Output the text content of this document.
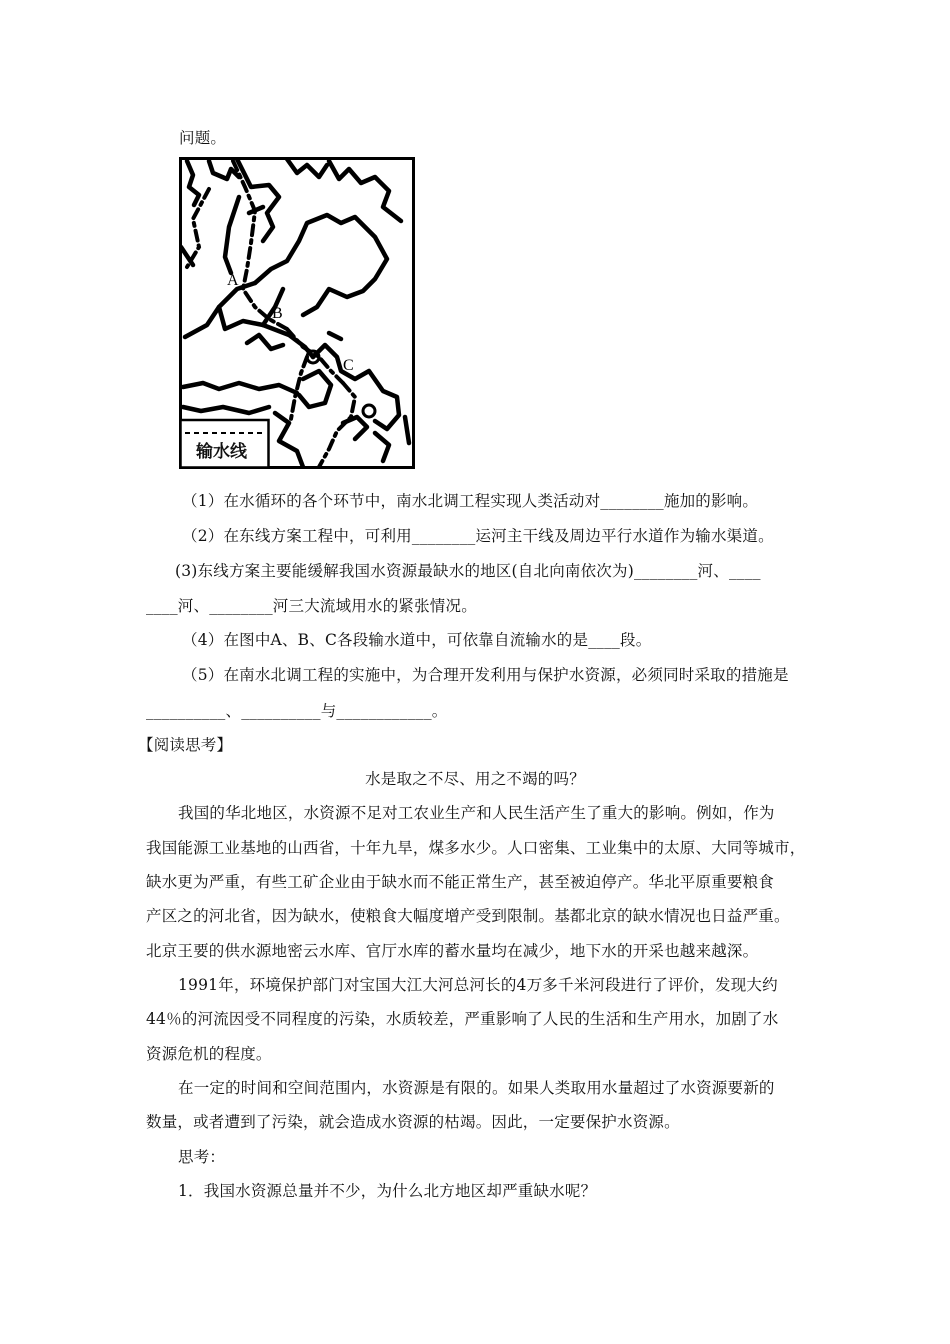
问题。
A
B
C
输水线
（1）在水循环的各个环节中，南水北调工程实现人类活动对________施加的影响。
（2）在东线方案工程中，可利用________运河主干线及周边平行水道作为输水渠道。
(3)东线方案主要能缓解我国水资源最缺水的地区(自北向南依次为)________河、____
____河、________河三大流域用水的紧张情况。
（4）在图中A、B、C各段输水道中，可依靠自流输水的是____段。
（5）在南水北调工程的实施中，为合理开发利用与保护水资源，必须同时采取的措施是
__________、__________与____________。
【阅读思考】
水是取之不尽、用之不竭的吗？
我国的华北地区，水资源不足对工农业生产和人民生活产生了重大的影响。例如，作为
我国能源工业基地的山西省，十年九旱，煤多水少。人口密集、工业集中的太原、大同等城市，
缺水更为严重，有些工矿企业由于缺水而不能正常生产，甚至被迫停产。华北平原重要粮食
产区之的河北省，因为缺水，使粮食大幅度增产受到限制。基都北京的缺水情况也日益严重。
北京王要的供水源地密云水库、官厅水库的蓄水量均在减少，地下水的开采也越来越深。
1991年，环境保护部门对宝国大江大河总河长的4万多千米河段进行了评价，发现大约
44％的河流因受不同程度的污染，水质较差，严重影响了人民的生活和生产用水，加剧了水
资源危机的程度。
在一定的时间和空间范围内，水资源是有限的。如果人类取用水量超过了水资源要新的
数量，或者遭到了污染，就会造成水资源的枯竭。因此，一定要保护水资源。
思考：
1．我国水资源总量并不少，为什么北方地区却严重缺水呢？
